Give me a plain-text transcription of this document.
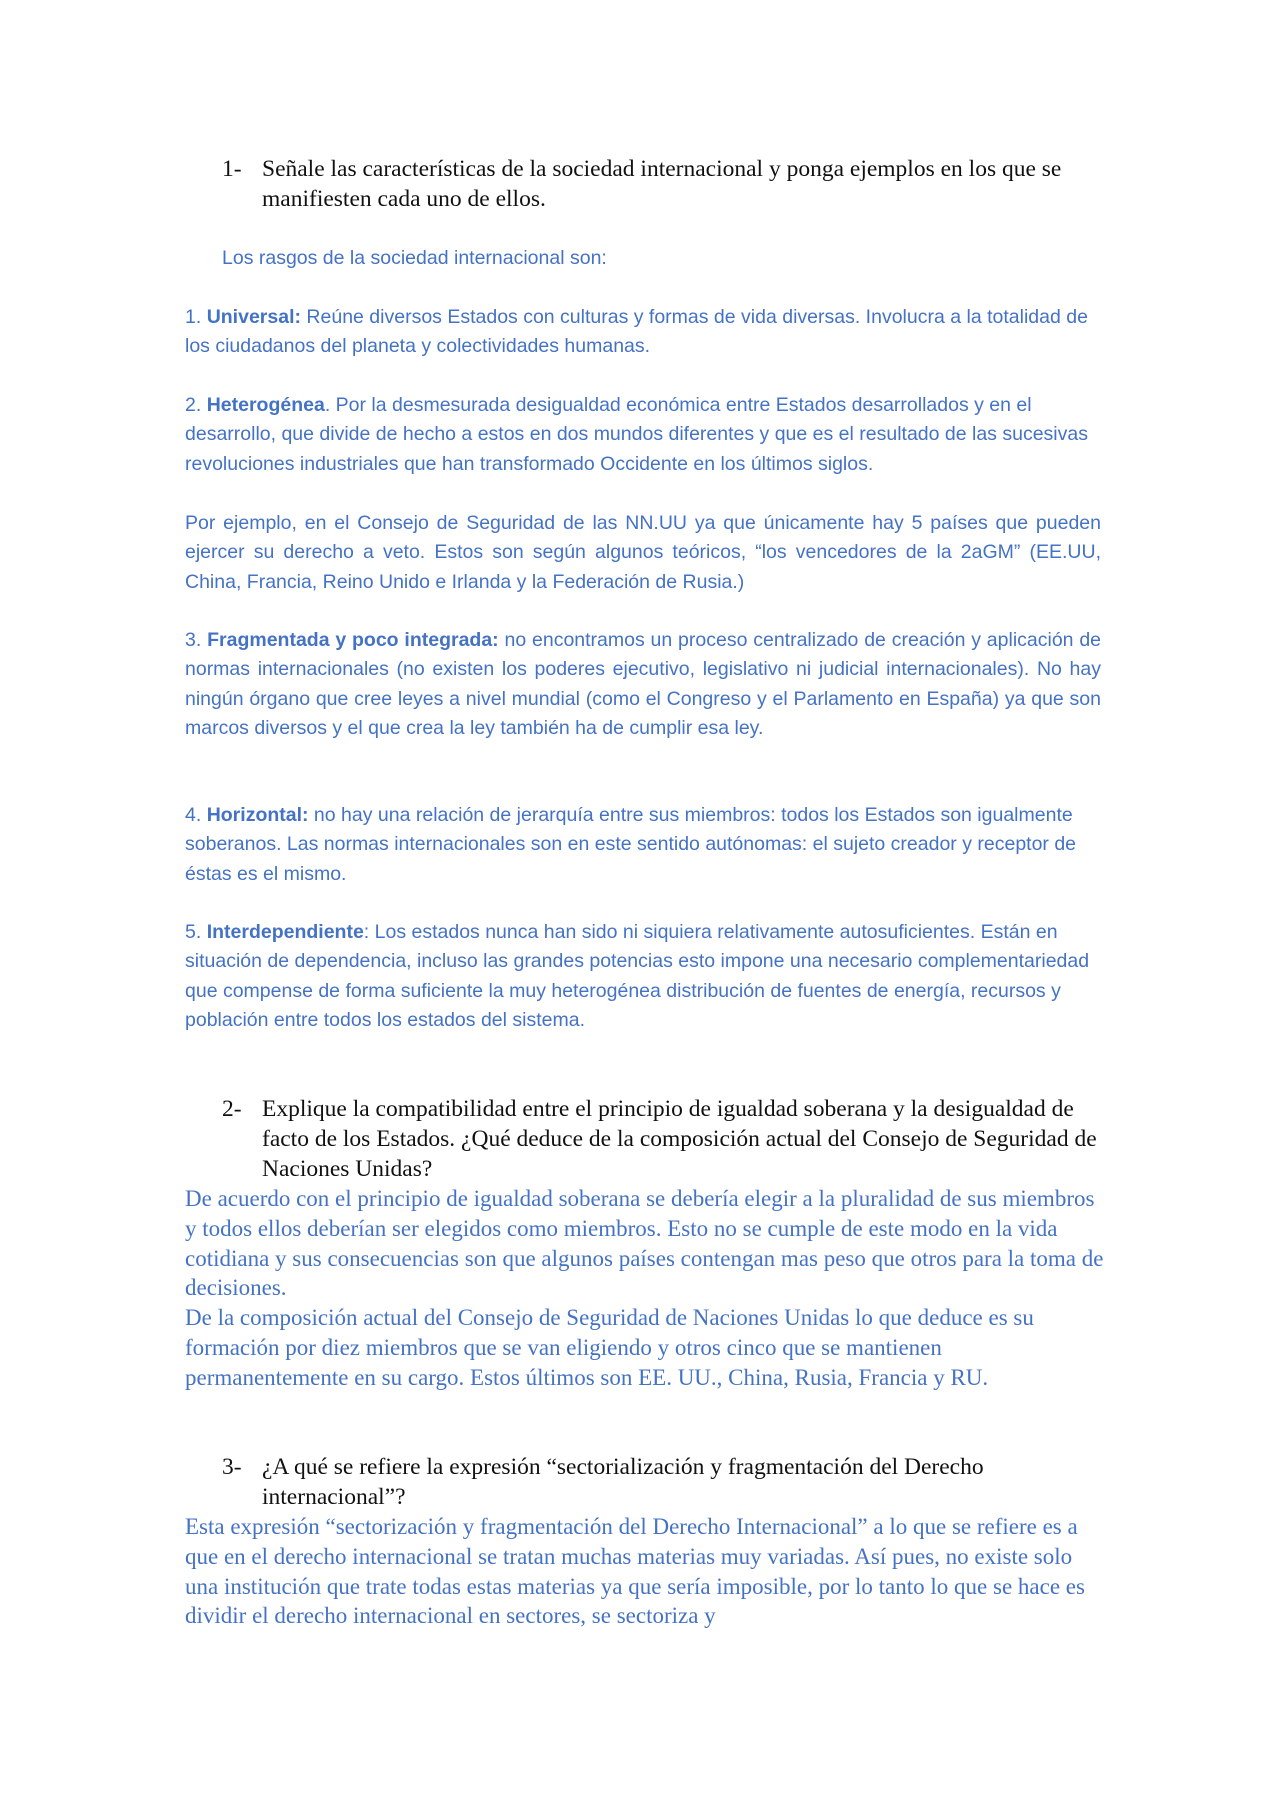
1- Señale las características de la sociedad internacional y ponga ejemplos en los que se manifiesten cada uno de ellos.
Los rasgos de la sociedad internacional son:
1. Universal: Reúne diversos Estados con culturas y formas de vida diversas. Involucra a la totalidad de los ciudadanos del planeta y colectividades humanas.
2. Heterogénea. Por la desmesurada desigualdad económica entre Estados desarrollados y en el desarrollo, que divide de hecho a estos en dos mundos diferentes y que es el resultado de las sucesivas revoluciones industriales que han transformado Occidente en los últimos siglos.
Por ejemplo, en el Consejo de Seguridad de las NN.UU ya que únicamente hay 5 países que pueden ejercer su derecho a veto. Estos son según algunos teóricos, “los vencedores de la 2aGM” (EE.UU, China, Francia, Reino Unido e Irlanda y la Federación de Rusia.)
3. Fragmentada y poco integrada: no encontramos un proceso centralizado de creación y aplicación de normas internacionales (no existen los poderes ejecutivo, legislativo ni judicial internacionales). No hay ningún órgano que cree leyes a nivel mundial (como el Congreso y el Parlamento en España) ya que son marcos diversos y el que crea la ley también ha de cumplir esa ley.
4. Horizontal: no hay una relación de jerarquía entre sus miembros: todos los Estados son igualmente soberanos. Las normas internacionales son en este sentido autónomas: el sujeto creador y receptor de éstas es el mismo.
5. Interdependiente: Los estados nunca han sido ni siquiera relativamente autosuficientes. Están en situación de dependencia, incluso las grandes potencias esto impone una necesario complementariedad que compense de forma suficiente la muy heterogénea distribución de fuentes de energía, recursos y población entre todos los estados del sistema.
2- Explique la compatibilidad entre el principio de igualdad soberana y la desigualdad de facto de los Estados. ¿Qué deduce de la composición actual del Consejo de Seguridad de Naciones Unidas?
De acuerdo con el principio de igualdad soberana se debería elegir a la pluralidad de sus miembros y todos ellos deberían ser elegidos como miembros. Esto no se cumple de este modo en la vida cotidiana y sus consecuencias son que algunos países contengan mas peso que otros para la toma de decisiones.
De la composición actual del Consejo de Seguridad de Naciones Unidas lo que deduce es su formación por diez miembros que se van eligiendo y otros cinco que se mantienen permanentemente en su cargo. Estos últimos son EE. UU., China, Rusia, Francia y RU.
3- ¿A qué se refiere la expresión “sectorialización y fragmentación del Derecho internacional”?
Esta expresión “sectorización y fragmentación del Derecho Internacional” a lo que se refiere es a que en el derecho internacional se tratan muchas materias muy variadas. Así pues, no existe solo una institución que trate todas estas materias ya que sería imposible, por lo tanto lo que se hace es dividir el derecho internacional en sectores, se sectoriza y
